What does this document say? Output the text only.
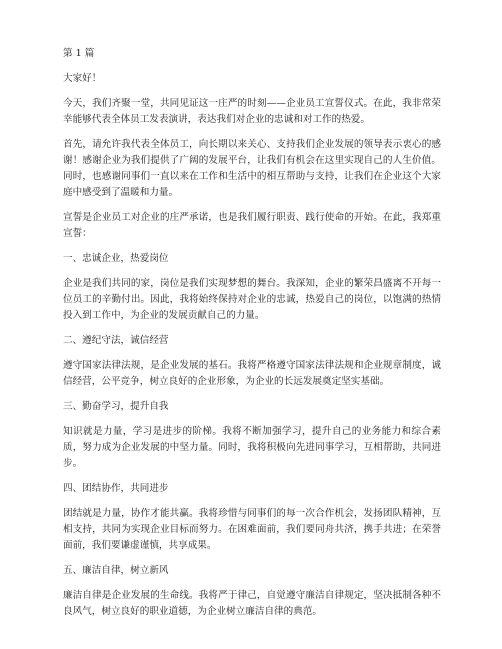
第 1 篇

大家好！

今天，我们齐聚一堂，共同见证这一庄严的时刻——企业员工宣誓仪式。在此，我非常荣幸能够代表全体员工发表演讲，表达我们对企业的忠诚和对工作的热爱。

首先，请允许我代表全体员工，向长期以来关心、支持我们企业发展的领导表示衷心的感谢！感谢企业为我们提供了广阔的发展平台，让我们有机会在这里实现自己的人生价值。同时，也感谢同事们一直以来在工作和生活中的相互帮助与支持，让我们在企业这个大家庭中感受到了温暖和力量。

宣誓是企业员工对企业的庄严承诺，也是我们履行职责、践行使命的开始。在此，我郑重宣誓：

一、忠诚企业，热爱岗位

企业是我们共同的家，岗位是我们实现梦想的舞台。我深知，企业的繁荣昌盛离不开每一位员工的辛勤付出。因此，我将始终保持对企业的忠诚，热爱自己的岗位，以饱满的热情投入到工作中，为企业的发展贡献自己的力量。

二、遵纪守法，诚信经营

遵守国家法律法规，是企业发展的基石。我将严格遵守国家法律法规和企业规章制度，诚信经营，公平竞争，树立良好的企业形象，为企业的长远发展奠定坚实基础。

三、勤奋学习，提升自我

知识就是力量，学习是进步的阶梯。我将不断加强学习，提升自己的业务能力和综合素质，努力成为企业发展的中坚力量。同时，我将积极向先进同事学习，互相帮助，共同进步。

四、团结协作，共同进步

团结就是力量，协作才能共赢。我将珍惜与同事们的每一次合作机会，发扬团队精神，互相支持，共同为实现企业目标而努力。在困难面前，我们要同舟共济，携手共进；在荣誉面前，我们要谦虚谨慎，共享成果。

五、廉洁自律，树立新风

廉洁自律是企业发展的生命线。我将严于律己，自觉遵守廉洁自律规定，坚决抵制各种不良风气，树立良好的职业道德，为企业树立廉洁自律的典范。
